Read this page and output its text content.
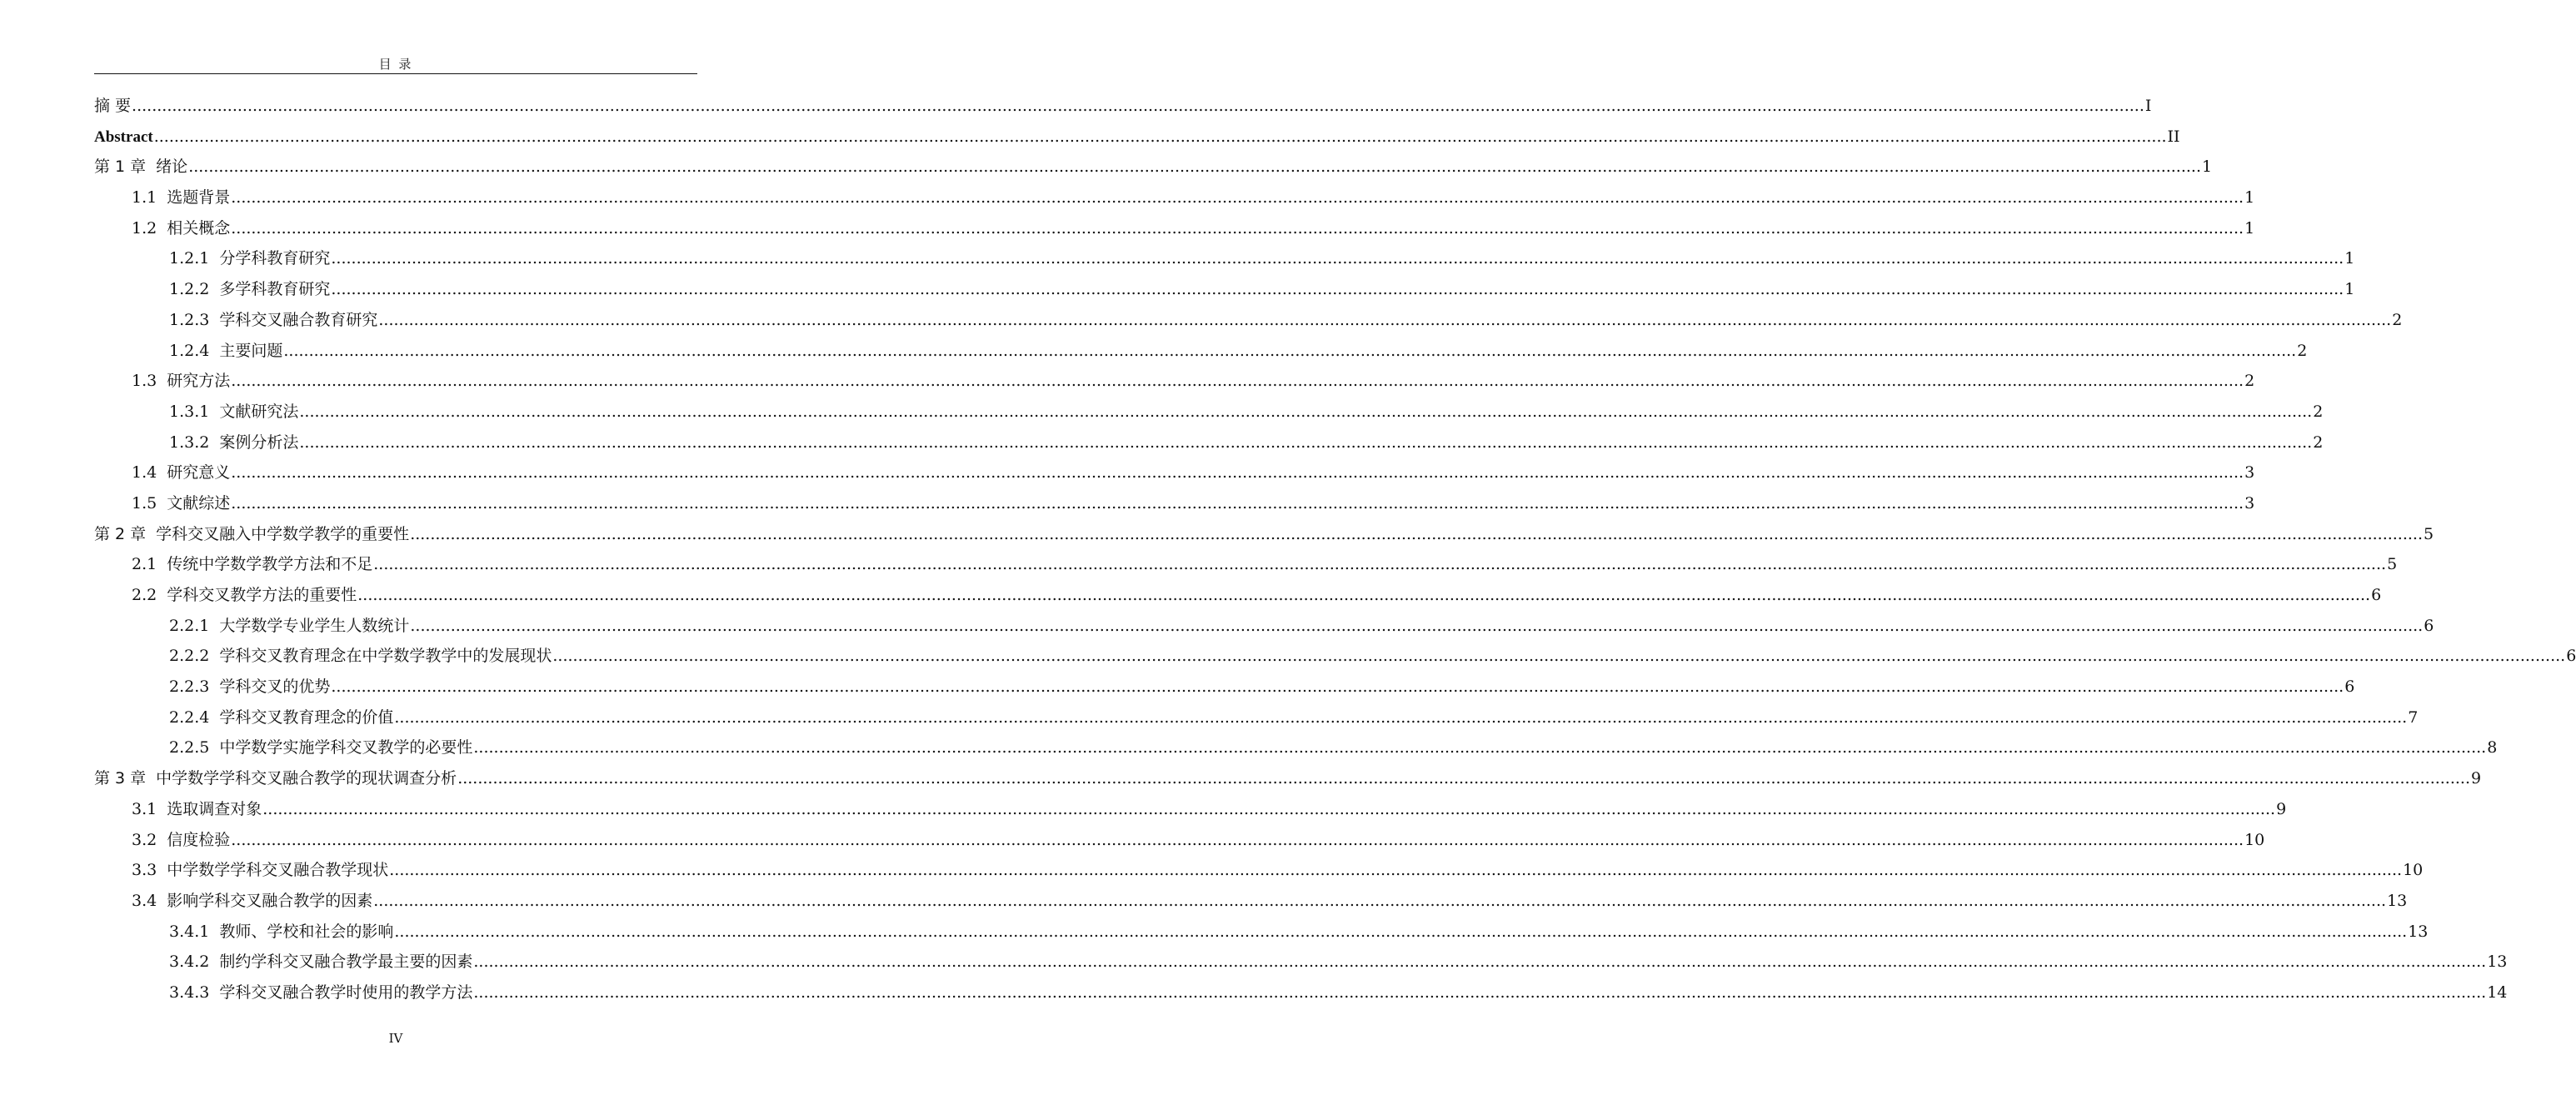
目 录
摘 要 ................................................................................................................................................................................................................................................................................................................................................................................................................ I
Abstract ................................................................................................................................................................................................................................................................................................................................................................................................................ II
第 1 章 绪论 ................................................................................................................................................................................................................................................................................................................................................................................................................ 1
1.1 选题背景 ................................................................................................................................................................................................................................................................................................................................................................................................................ 1
1.2 相关概念 ................................................................................................................................................................................................................................................................................................................................................................................................................ 1
1.2.1 分学科教育研究 ................................................................................................................................................................................................................................................................................................................................................................................................................ 1
1.2.2 多学科教育研究 ................................................................................................................................................................................................................................................................................................................................................................................................................ 1
1.2.3 学科交叉融合教育研究 ................................................................................................................................................................................................................................................................................................................................................................................................................ 2
1.2.4 主要问题 ................................................................................................................................................................................................................................................................................................................................................................................................................ 2
1.3 研究方法 ................................................................................................................................................................................................................................................................................................................................................................................................................ 2
1.3.1 文献研究法 ................................................................................................................................................................................................................................................................................................................................................................................................................ 2
1.3.2 案例分析法 ................................................................................................................................................................................................................................................................................................................................................................................................................ 2
1.4 研究意义 ................................................................................................................................................................................................................................................................................................................................................................................................................ 3
1.5 文献综述 ................................................................................................................................................................................................................................................................................................................................................................................................................ 3
第 2 章 学科交叉融入中学数学教学的重要性 ................................................................................................................................................................................................................................................................................................................................................................................................................ 5
2.1 传统中学数学教学方法和不足 ................................................................................................................................................................................................................................................................................................................................................................................................................ 5
2.2 学科交叉教学方法的重要性 ................................................................................................................................................................................................................................................................................................................................................................................................................ 6
2.2.1 大学数学专业学生人数统计 ................................................................................................................................................................................................................................................................................................................................................................................................................ 6
2.2.2 学科交叉教育理念在中学数学教学中的发展现状 ................................................................................................................................................................................................................................................................................................................................................................................................................ 6
2.2.3 学科交叉的优势 ................................................................................................................................................................................................................................................................................................................................................................................................................ 6
2.2.4 学科交叉教育理念的价值 ................................................................................................................................................................................................................................................................................................................................................................................................................ 7
2.2.5 中学数学实施学科交叉教学的必要性 ................................................................................................................................................................................................................................................................................................................................................................................................................ 8
第 3 章 中学数学学科交叉融合教学的现状调查分析 ................................................................................................................................................................................................................................................................................................................................................................................................................ 9
3.1 选取调查对象 ................................................................................................................................................................................................................................................................................................................................................................................................................ 9
3.2 信度检验 ................................................................................................................................................................................................................................................................................................................................................................................................................ 10
3.3 中学数学学科交叉融合教学现状 ................................................................................................................................................................................................................................................................................................................................................................................................................ 10
3.4 影响学科交叉融合教学的因素 ................................................................................................................................................................................................................................................................................................................................................................................................................ 13
3.4.1 教师、学校和社会的影响 ................................................................................................................................................................................................................................................................................................................................................................................................................ 13
3.4.2 制约学科交叉融合教学最主要的因素 ................................................................................................................................................................................................................................................................................................................................................................................................................ 13
3.4.3 学科交叉融合教学时使用的教学方法 ................................................................................................................................................................................................................................................................................................................................................................................................................ 14
IV
